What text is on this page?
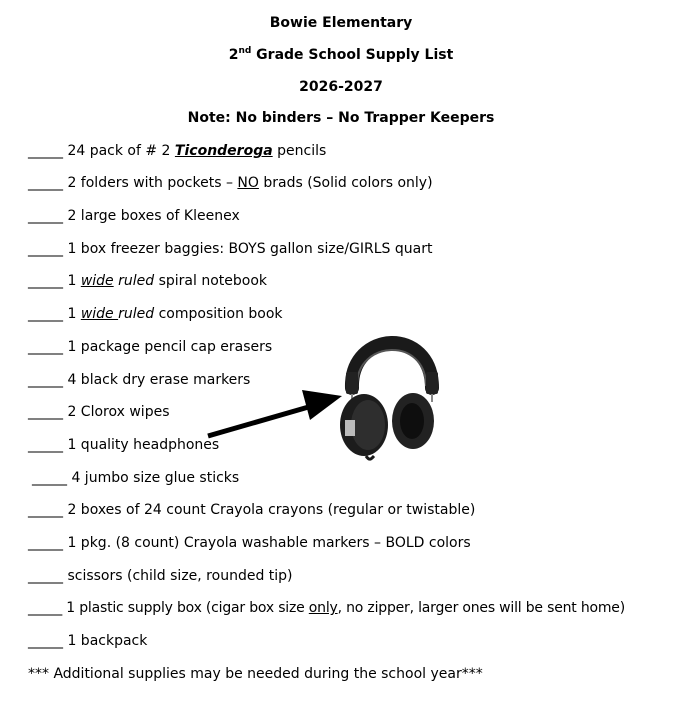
Bowie Elementary
2nd Grade School Supply List
2026-2027
Note: No binders – No Trapper Keepers
_____ 24 pack of # 2 Ticonderoga pencils
_____ 2 folders with pockets – NO brads (Solid colors only)
_____ 2 large boxes of Kleenex
_____ 1 box freezer baggies: BOYS gallon size/GIRLS quart
_____ 1 wide ruled spiral notebook
_____ 1 wide ruled composition book
_____ 1 package pencil cap erasers
_____ 4 black dry erase markers
_____ 2 Clorox wipes
_____ 1 quality headphones
_____ 4 jumbo size glue sticks
_____ 2 boxes of 24 count Crayola crayons (regular or twistable)
_____ 1 pkg. (8 count) Crayola washable markers – BOLD colors
_____ scissors (child size, rounded tip)
_____ 1 plastic supply box (cigar box size only, no zipper, larger ones will be sent home)
_____ 1 backpack
*** Additional supplies may be needed during the school year***
